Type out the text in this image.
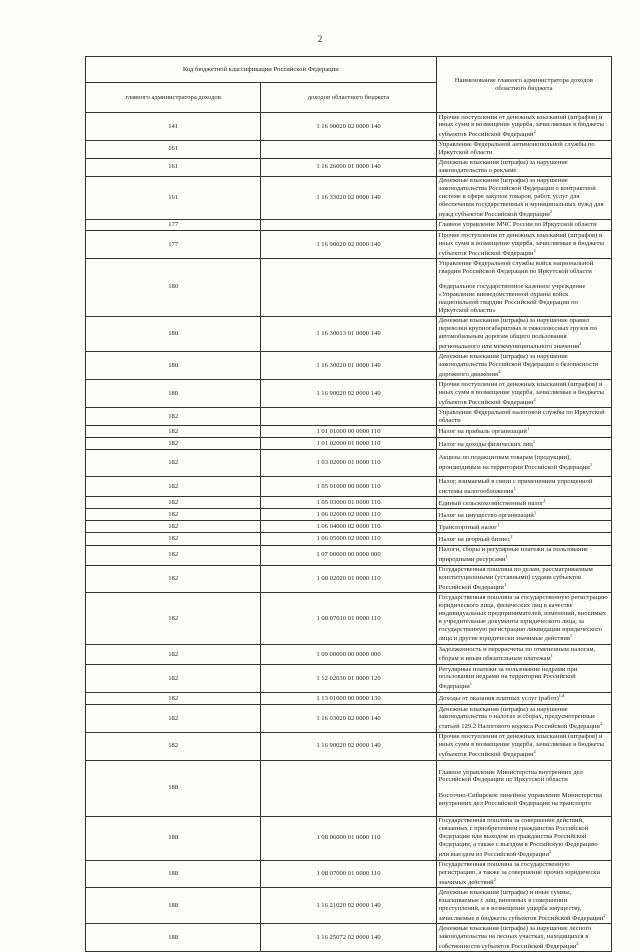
2
Код бюджетной классификации Российской Федерации		Наименование главного администратора доходов областного бюджета
главного администратора доходов	доходов областного бюджета	
141	1 16 90020 02 0000 140	Прочие поступления от денежных взысканий (штрафов) и иных сумм в возмещение ущерба, зачисляемые в бюджеты субъектов Российской Федерации$^2$
161		Управление Федеральной антимонопольной службы по Иркутской области
161	1 16 26000 01 0000 140	Денежные взыскания (штрафы) за нарушение законодательства о рекламе
161	1 16 33020 02 0000 140	Денежные взыскания (штрафы) за нарушение законодательства Российской Федерации о контрактной системе в сфере закупок товаров, работ, услуг для обеспечения государственных и муниципальных нужд для нужд субъектов Российской Федерации$^2$
177		Главное управление МЧС России по Иркутской области
177	1 16 90020 02 0000 140	Прочие поступления от денежных взысканий (штрафов) и иных сумм в возмещение ущерба, зачисляемые в бюджеты субъектов Российской Федерации$^2$
180		Управление Федеральной службы войск национальной гвардии Российской Федерации по Иркутской области

Федеральное государственное казенное учреждение «Управление вневедомственной охраны войск национальной гвардии Российской Федерации по Иркутской области»
180	1 16 30013 01 0000 140	Денежные взыскания (штрафы) за нарушение правил перевозки крупногабаритных и тяжеловесных грузов по автомобильным дорогам общего пользования регионального или межмуниципального значения$^2$
180	1 16 30020 01 0000 140	Денежные взыскания (штрафы) за нарушение законодательства Российской Федерации о безопасности дорожного движения$^2$
180	1 16 90020 02 0000 140	Прочие поступления от денежных взысканий (штрафов) и иных сумм в возмещение ущерба, зачисляемые в бюджеты субъектов Российской Федерации$^2$
182		Управление Федеральной налоговой службы по Иркутской области
182	1 01 01000 00 0000 110	Налог на прибыль организаций$^1$
182	1 01 02000 01 0000 110	Налог на доходы физических лиц$^1$
182	1 03 02000 01 0000 110	Акцизы по подакцизным товарам (продукции), производимым на территории Российской Федерации$^1$
182	1 05 01000 00 0000 110	Налог, взимаемый в связи с применением упрощенной системы налогообложения$^1$
182	1 05 03000 01 0000 110	Единый сельскохозяйственный налог$^1$
182	1 06 02000 02 0000 110	Налог на имущество организаций$^1$
182	1 06 04000 02 0000 110	Транспортный налог$^1$
182	1 06 05000 02 0000 110	Налог на игорный бизнес$^2$
182	1 07 00000 00 0000 000	Налоги, сборы и регулярные платежи за пользование природными ресурсами$^1$
182	1 08 02020 01 0000 110	Государственная пошлина по делам, рассматриваемым конституционными (уставными) судами субъектов Российской Федерации$^1$
182	1 08 07010 01 0000 110	Государственная пошлина за государственную регистрацию юридического лица, физических лиц в качестве индивидуальных предпринимателей, изменений, вносимых в учредительные документы юридического лица, за государственную регистрацию ликвидации юридического лица и другие юридически значимые действия$^1$
182	1 09 00000 00 0000 000	Задолженность и перерасчеты по отмененным налогам, сборам и иным обязательным платежам$^1$
182	1 12 02030 01 0000 120	Регулярные платежи за пользование недрами при пользовании недрами на территории Российской Федерации$^1$
182	1 13 01000 00 0000 130	Доходы от оказания платных услуг (работ)$^{1,4}$
182	1 16 03020 02 0000 140	Денежные взыскания (штрафы) за нарушение законодательства о налогах и сборах, предусмотренные статьей 129.2 Налогового кодекса Российской Федерации$^2$
182	1 16 90020 02 0000 140	Прочие поступления от денежных взысканий (штрафов) и иных сумм в возмещение ущерба, зачисляемые в бюджеты субъектов Российской Федерации$^2$
188		Главное управление Министерства внутренних дел Российской Федерации по Иркутской области

Восточно-Сибирское линейное управление Министерства внутренних дел Российской Федерации на транспорте
188	1 08 06000 01 0000 110	Государственная пошлина за совершение действий, связанных с приобретением гражданства Российской Федерации или выходом из гражданства Российской Федерации, а также с въездом в Российскую Федерацию или выездом из Российской Федерации$^2$
188	1 08 07000 01 0000 110	Государственная пошлина за государственную регистрацию, а также за совершение прочих юридически значимых действий$^2$
188	1 16 21020 02 0000 140	Денежные взыскания (штрафы) и иные суммы, взыскиваемые с лиц, виновных в совершении преступлений, и в возмещение ущерба имуществу, зачисляемые в бюджеты субъектов Российской Федерации$^2$
188	1 16 25072 02 0000 140	Денежные взыскания (штрафы) за нарушение лесного законодательства на лесных участках, находящихся в собственности субъектов Российской Федерации$^2$
